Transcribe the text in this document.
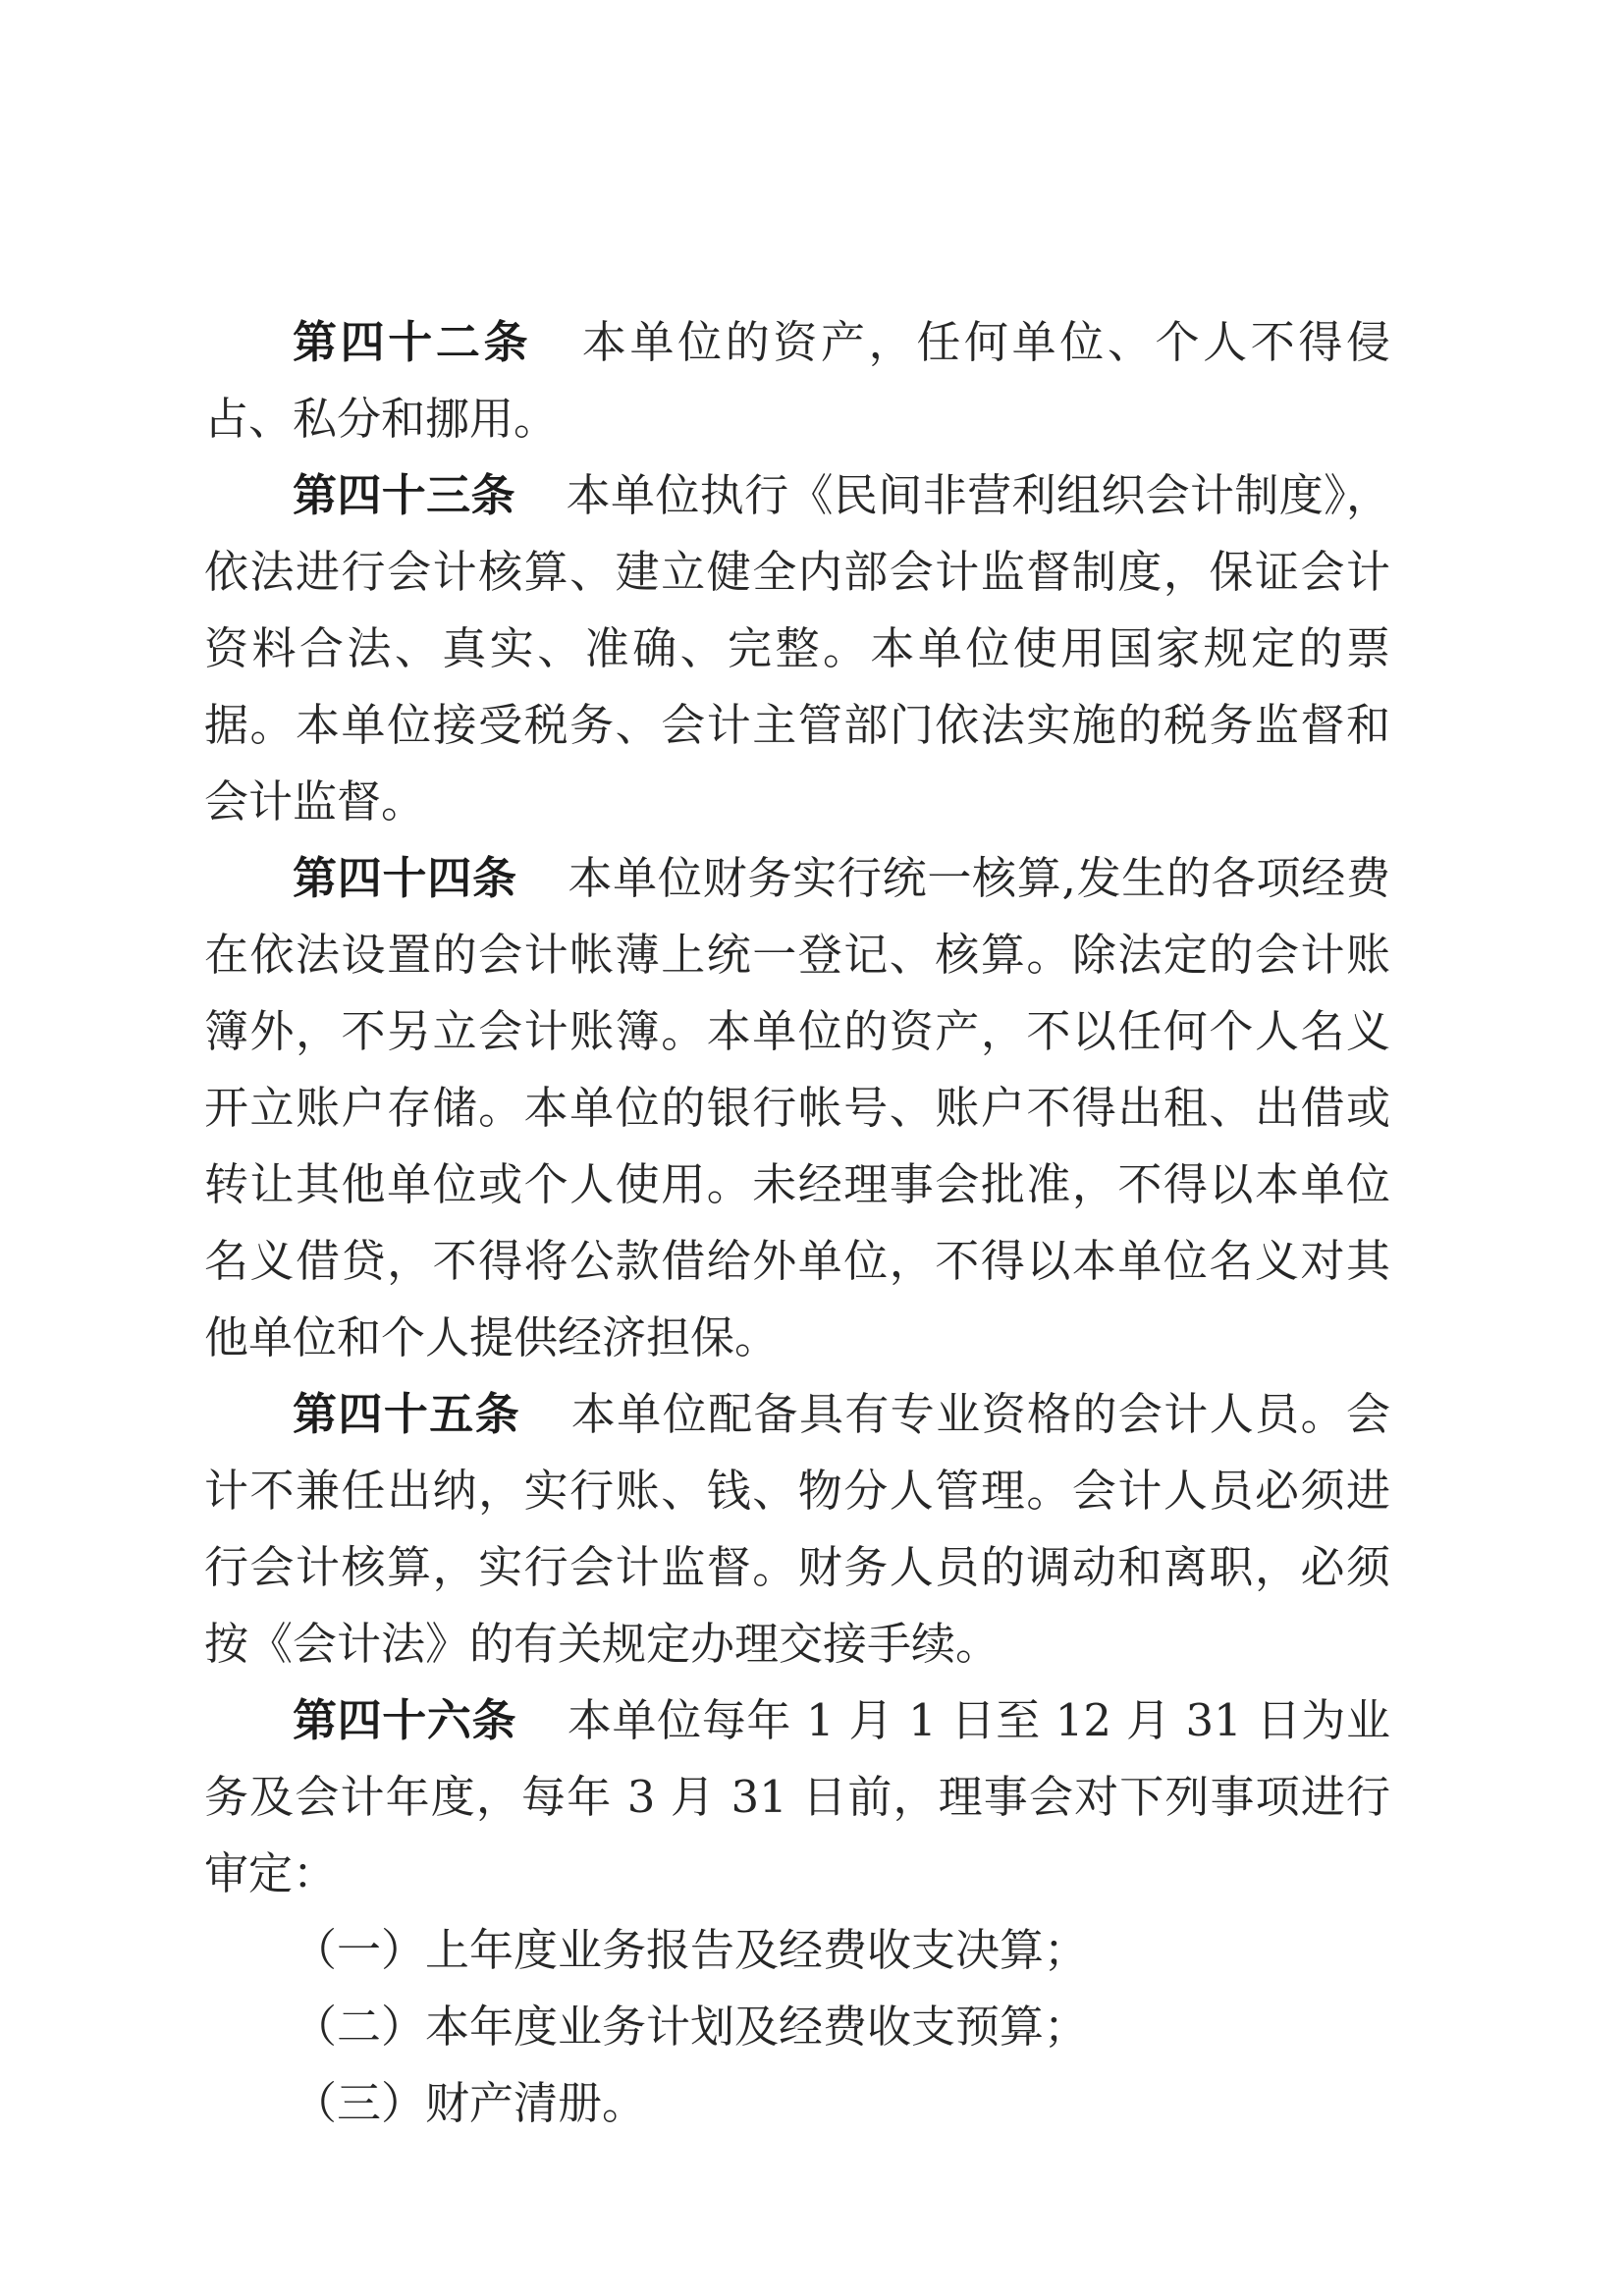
第四十二条 本单位的资产，任何单位、个人不得侵占、私分和挪用。

第四十三条 本单位执行《民间非营利组织会计制度》，依法进行会计核算、建立健全内部会计监督制度，保证会计资料合法、真实、准确、完整。本单位使用国家规定的票据。本单位接受税务、会计主管部门依法实施的税务监督和会计监督。

第四十四条 本单位财务实行统一核算,发生的各项经费在依法设置的会计帐薄上统一登记、核算。除法定的会计账簿外，不另立会计账簿。本单位的资产，不以任何个人名义开立账户存储。本单位的银行帐号、账户不得出租、出借或转让其他单位或个人使用。未经理事会批准，不得以本单位名义借贷，不得将公款借给外单位，不得以本单位名义对其他单位和个人提供经济担保。

第四十五条 本单位配备具有专业资格的会计人员。会计不兼任出纳，实行账、钱、物分人管理。会计人员必须进行会计核算，实行会计监督。财务人员的调动和离职，必须按《会计法》的有关规定办理交接手续。

第四十六条 本单位每年 1 月 1 日至 12 月 31 日为业务及会计年度，每年 3 月 31 日前，理事会对下列事项进行审定：

（一）上年度业务报告及经费收支决算；

（二）本年度业务计划及经费收支预算；

（三）财产清册。
